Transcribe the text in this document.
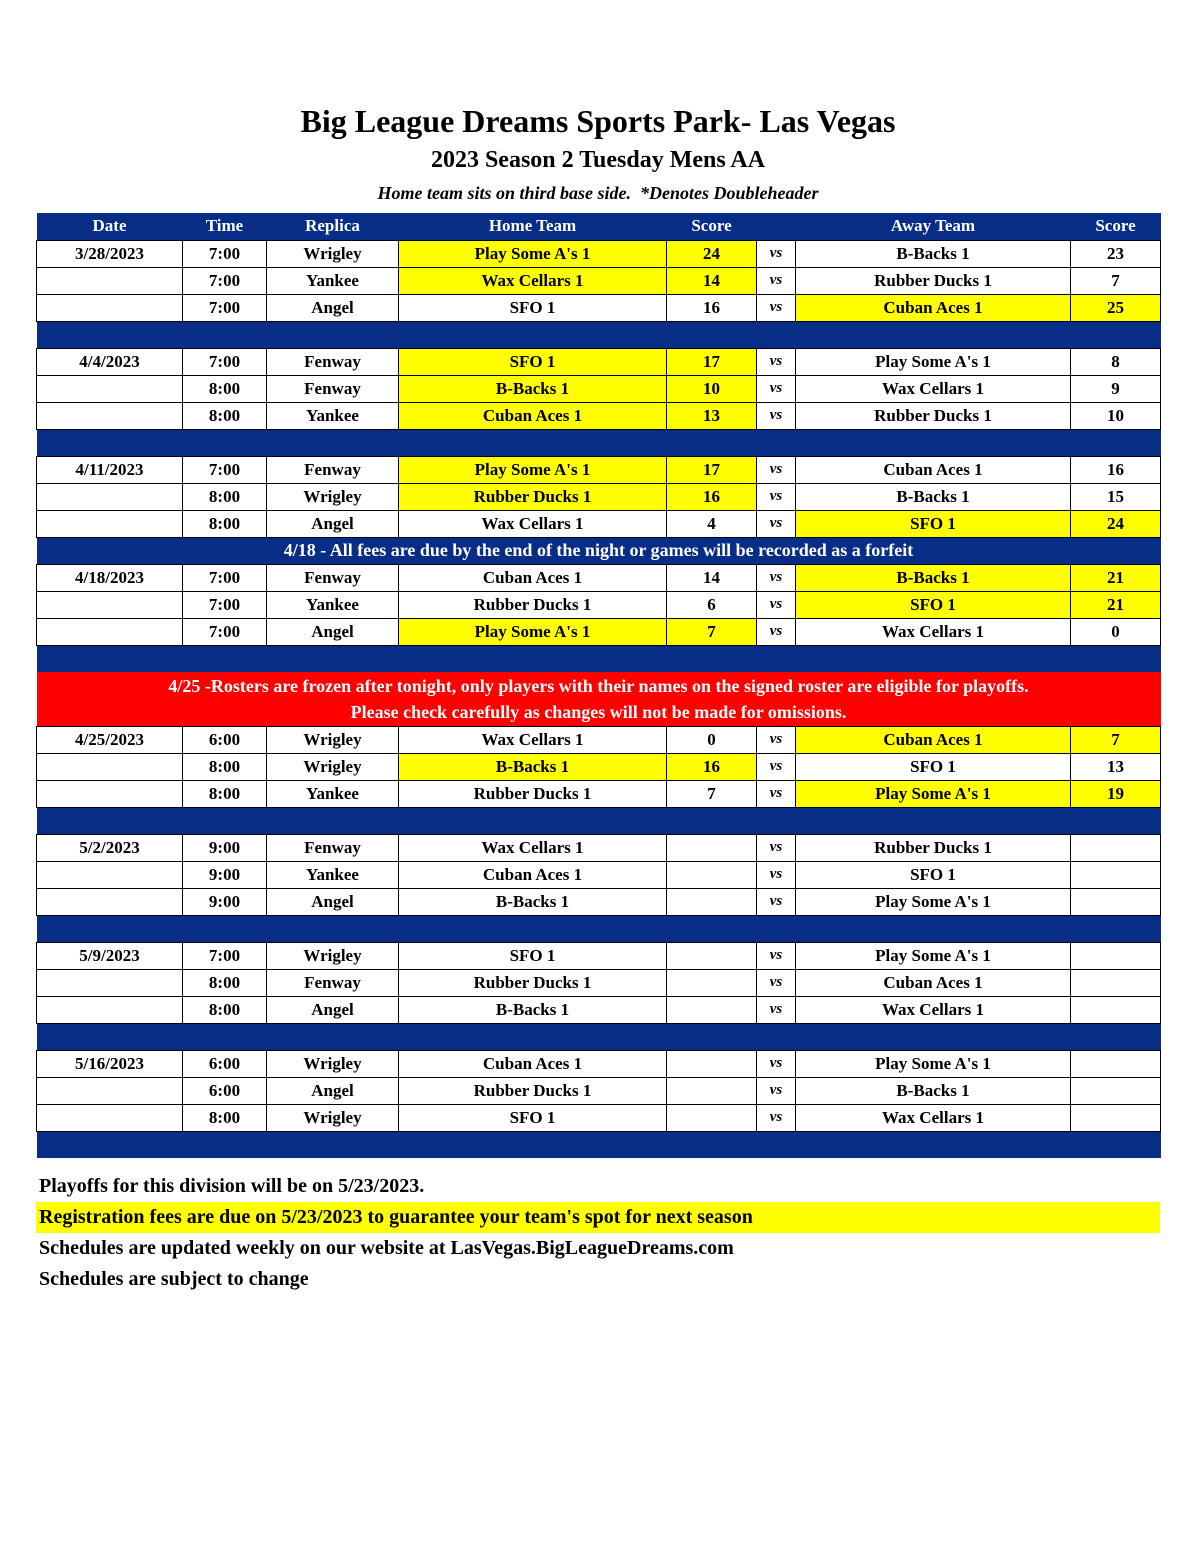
Big League Dreams Sports Park- Las Vegas
2023 Season 2 Tuesday Mens AA
Home team sits on third base side.  *Denotes Doubleheader
Date	Time	Replica	Home Team	Score		Away Team	Score
3/28/2023	7:00	Wrigley	Play Some A's 1	24	vs	B-Backs 1	23
	7:00	Yankee	Wax Cellars 1	14	vs	Rubber Ducks 1	7
	7:00	Angel	SFO 1	16	vs	Cuban Aces 1	25

4/4/2023	7:00	Fenway	SFO 1	17	vs	Play Some A's 1	8
	8:00	Fenway	B-Backs 1	10	vs	Wax Cellars 1	9
	8:00	Yankee	Cuban Aces 1	13	vs	Rubber Ducks 1	10

4/11/2023	7:00	Fenway	Play Some A's 1	17	vs	Cuban Aces 1	16
	8:00	Wrigley	Rubber Ducks 1	16	vs	B-Backs 1	15
	8:00	Angel	Wax Cellars 1	4	vs	SFO 1	24
4/18 - All fees are due by the end of the night or games will be recorded as a forfeit							
4/18/2023	7:00	Fenway	Cuban Aces 1	14	vs	B-Backs 1	21
	7:00	Yankee	Rubber Ducks 1	6	vs	SFO 1	21
	7:00	Angel	Play Some A's 1	7	vs	Wax Cellars 1	0

4/25 -Rosters are frozen after tonight, only players with their names on the signed roster are eligible for playoffs.
Please check carefully as changes will not be made for omissions.							

4/25/2023	6:00	Wrigley	Wax Cellars 1	0	vs	Cuban Aces 1	7
	8:00	Wrigley	B-Backs 1	16	vs	SFO 1	13
	8:00	Yankee	Rubber Ducks 1	7	vs	Play Some A's 1	19

5/2/2023	9:00	Fenway	Wax Cellars 1		vs	Rubber Ducks 1	
	9:00	Yankee	Cuban Aces 1		vs	SFO 1	
	9:00	Angel	B-Backs 1		vs	Play Some A's 1	

5/9/2023	7:00	Wrigley	SFO 1		vs	Play Some A's 1	
	8:00	Fenway	Rubber Ducks 1		vs	Cuban Aces 1	
	8:00	Angel	B-Backs 1		vs	Wax Cellars 1	

5/16/2023	6:00	Wrigley	Cuban Aces 1		vs	Play Some A's 1	
	6:00	Angel	Rubber Ducks 1		vs	B-Backs 1	
	8:00	Wrigley	SFO 1		vs	Wax Cellars 1	

Playoffs for this division will be on 5/23/2023.
Registration fees are due on 5/23/2023 to guarantee your team's spot for next season
Schedules are updated weekly on our website at LasVegas.BigLeagueDreams.com
Schedules are subject to change
